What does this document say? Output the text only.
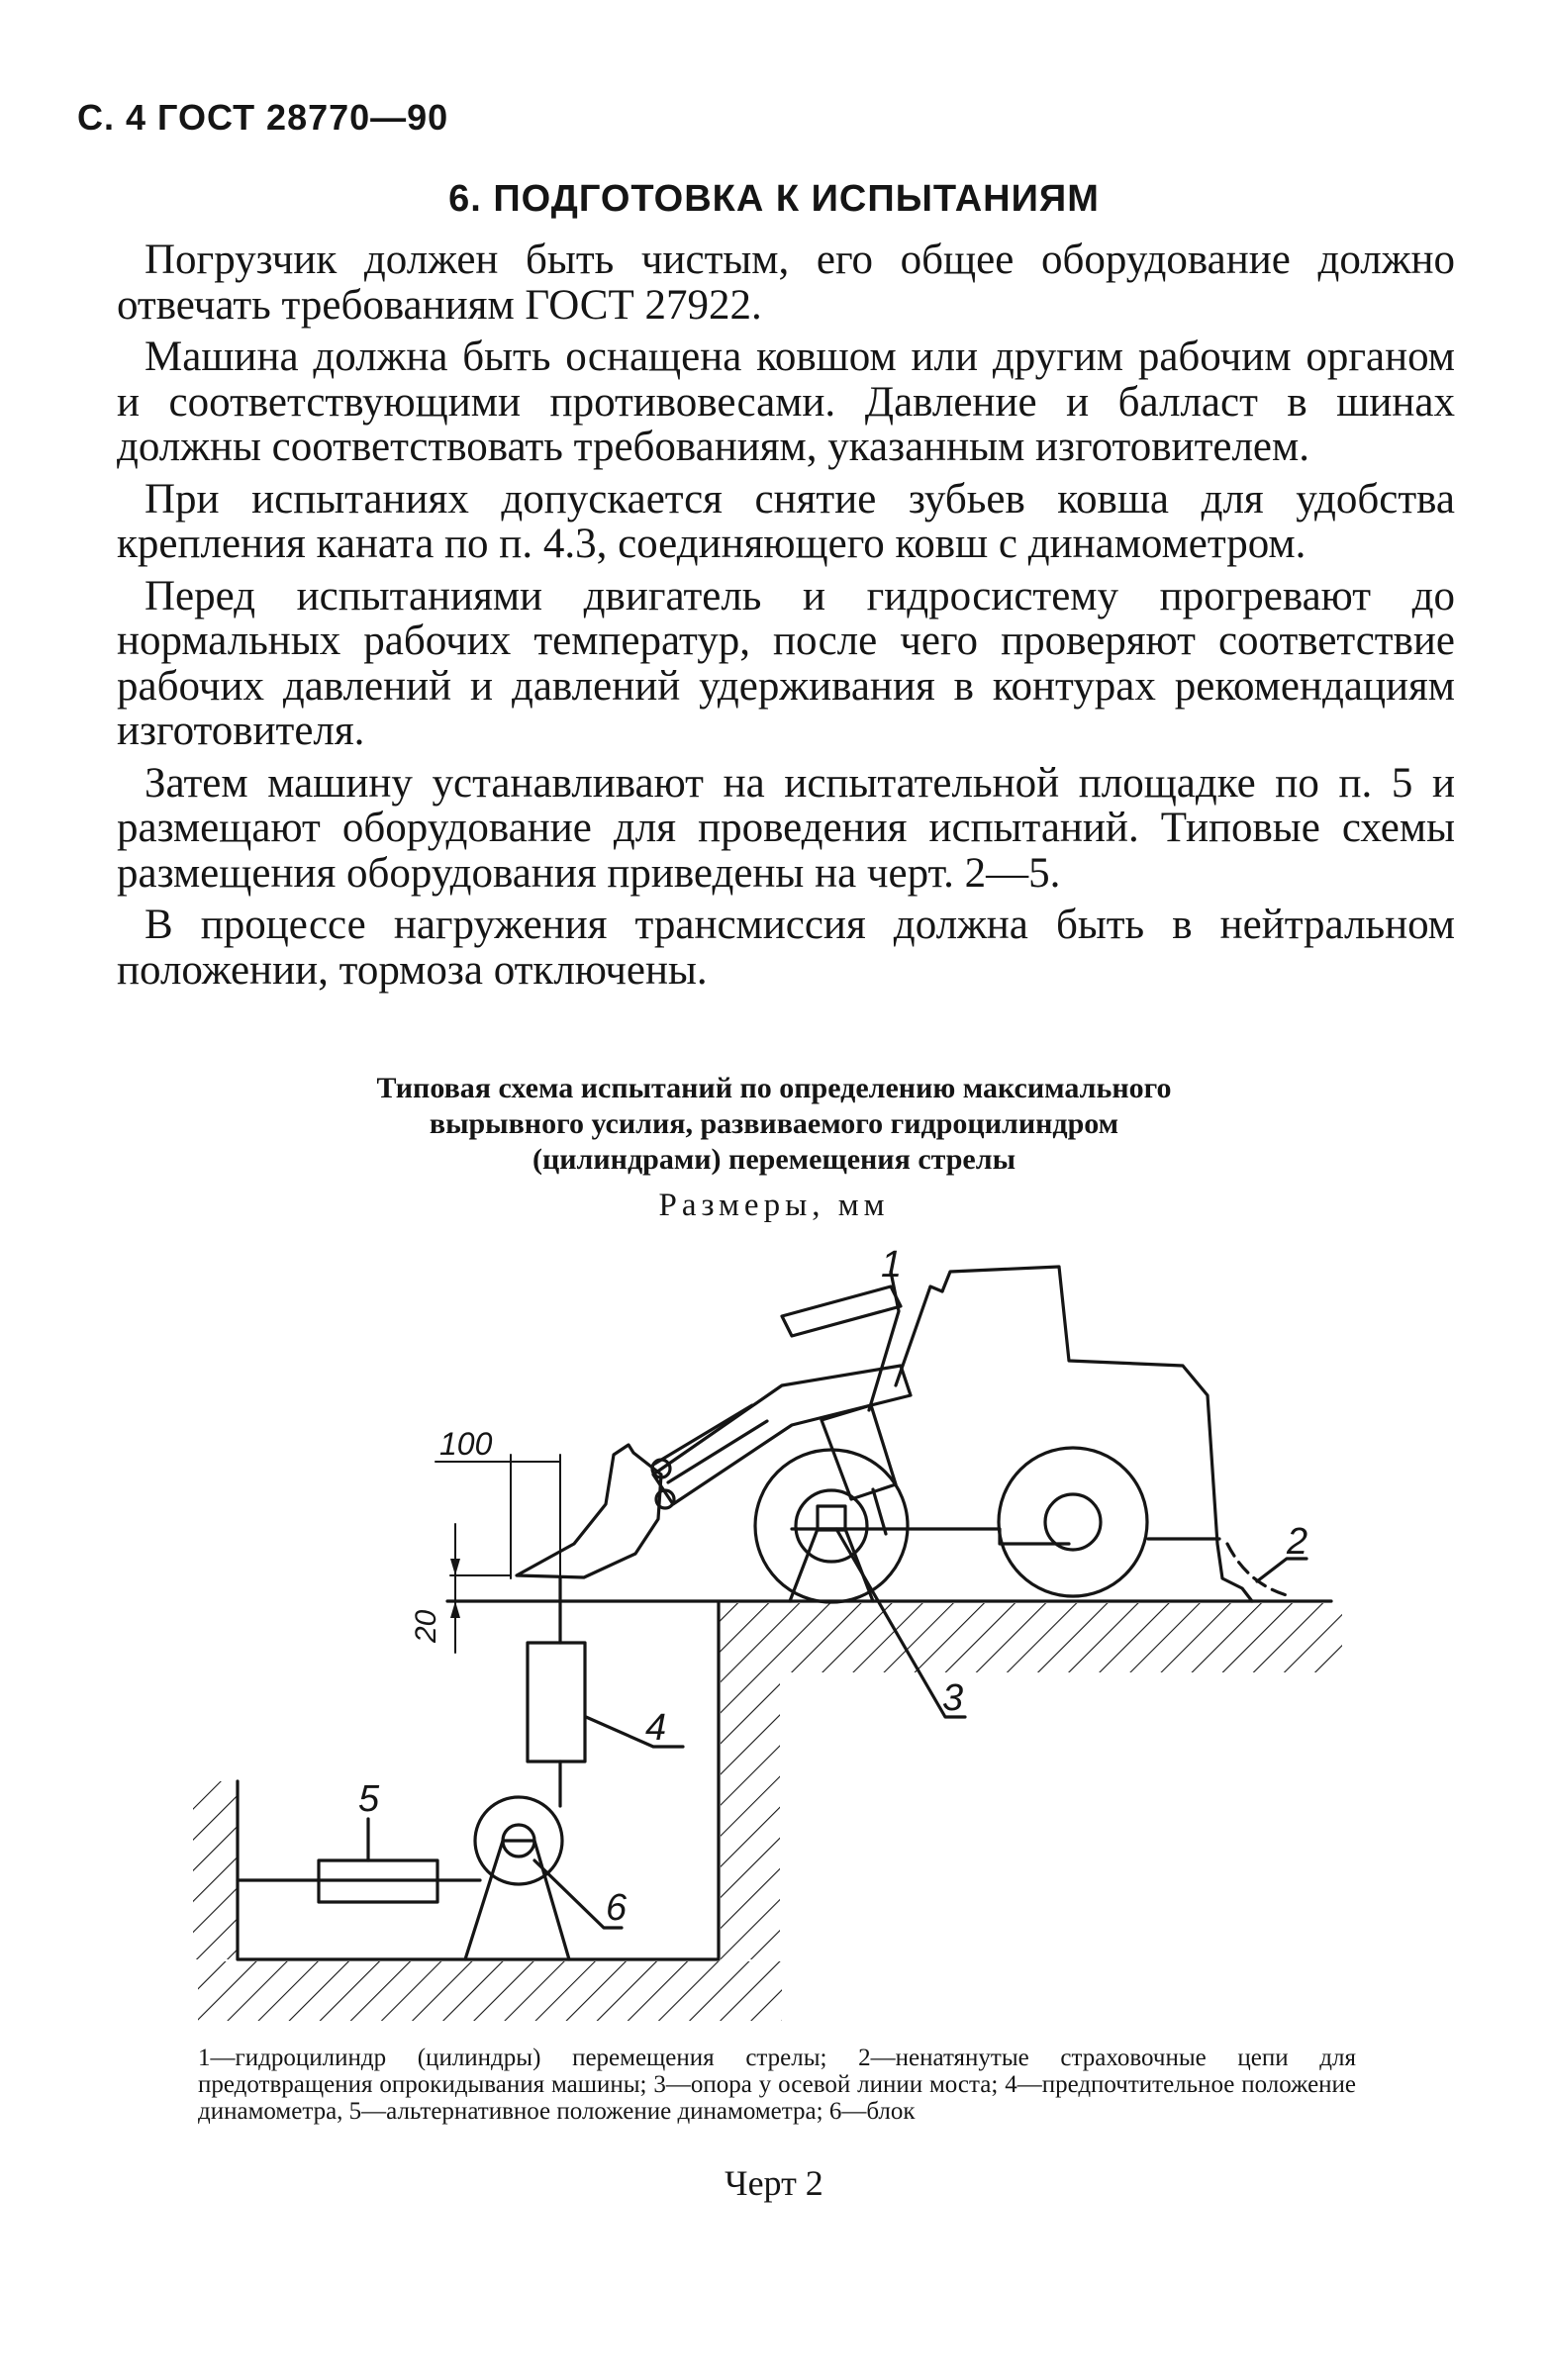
С. 4 ГОСТ 28770—90
6. ПОДГОТОВКА К ИСПЫТАНИЯМ

Погрузчик должен быть чистым, его общее оборудование должно отвечать требованиям ГОСТ 27922.

Машина должна быть оснащена ковшом или другим рабочим органом и соответствующими противовесами. Давление и балласт в шинах должны соответствовать требованиям, указанным изготовителем.

При испытаниях допускается снятие зубьев ковша для удобства крепления каната по п. 4.3, соединяющего ковш с динамометром.

Перед испытаниями двигатель и гидросистему прогревают до нормальных рабочих температур, после чего проверяют соответствие рабочих давлений и давлений удерживания в контурах рекомендациям изготовителя.

Затем машину устанавливают на испытательной площадке по п. 5 и размещают оборудование для проведения испытаний. Типовые схемы размещения оборудования приведены на черт. 2—5.

В процессе нагружения трансмиссия должна быть в нейтральном положении, тормоза отключены.

Типовая схема испытаний по определению максимального
вырывного усилия, развиваемого гидроцилиндром
(цилиндрами) перемещения стрелы
Размеры, мм
100
20
1
2
3
4
5
6
1—гидроцилиндр (цилиндры) перемещения стрелы; 2—ненатянутые страховочные цепи для предотвращения опрокидывания машины; 3—опора у осевой линии моста; 4—предпочтительное положение динамометра, 5—альтернативное положение динамометра; 6—блок
Черт 2
